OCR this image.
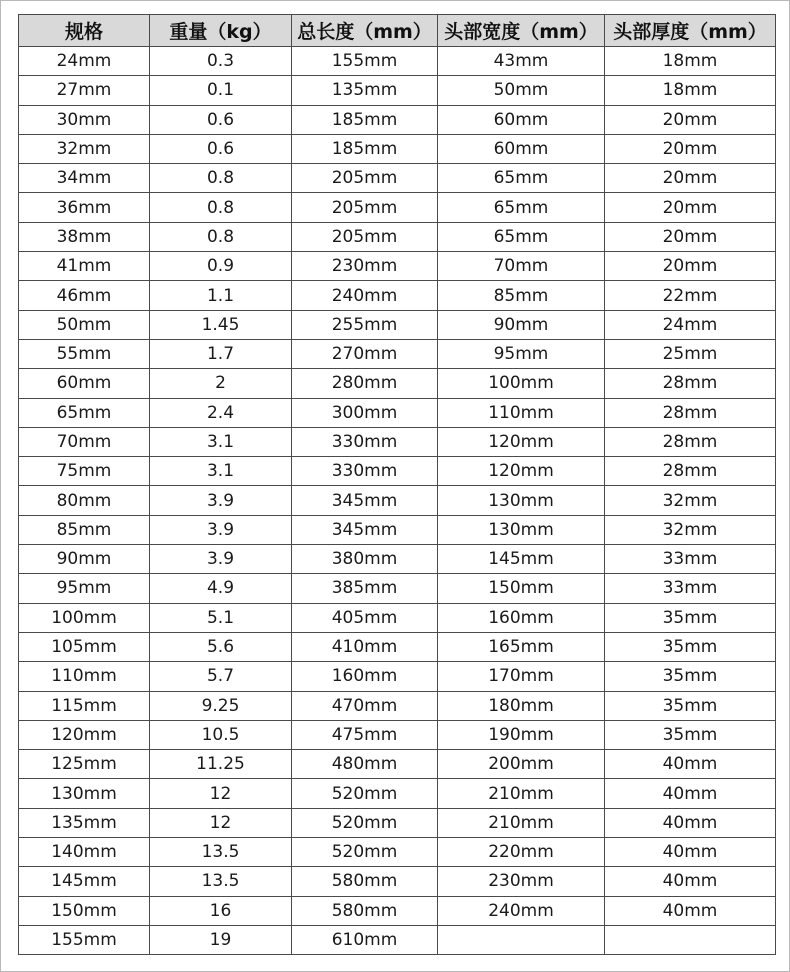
规格	重量（kg）	总长度（mm）	头部宽度（mm）	头部厚度（mm）
24mm	0.3	155mm	43mm	18mm
27mm	0.1	135mm	50mm	18mm
30mm	0.6	185mm	60mm	20mm
32mm	0.6	185mm	60mm	20mm
34mm	0.8	205mm	65mm	20mm
36mm	0.8	205mm	65mm	20mm
38mm	0.8	205mm	65mm	20mm
41mm	0.9	230mm	70mm	20mm
46mm	1.1	240mm	85mm	22mm
50mm	1.45	255mm	90mm	24mm
55mm	1.7	270mm	95mm	25mm
60mm	2	280mm	100mm	28mm
65mm	2.4	300mm	110mm	28mm
70mm	3.1	330mm	120mm	28mm
75mm	3.1	330mm	120mm	28mm
80mm	3.9	345mm	130mm	32mm
85mm	3.9	345mm	130mm	32mm
90mm	3.9	380mm	145mm	33mm
95mm	4.9	385mm	150mm	33mm
100mm	5.1	405mm	160mm	35mm
105mm	5.6	410mm	165mm	35mm
110mm	5.7	160mm	170mm	35mm
115mm	9.25	470mm	180mm	35mm
120mm	10.5	475mm	190mm	35mm
125mm	11.25	480mm	200mm	40mm
130mm	12	520mm	210mm	40mm
135mm	12	520mm	210mm	40mm
140mm	13.5	520mm	220mm	40mm
145mm	13.5	580mm	230mm	40mm
150mm	16	580mm	240mm	40mm
155mm	19	610mm		
